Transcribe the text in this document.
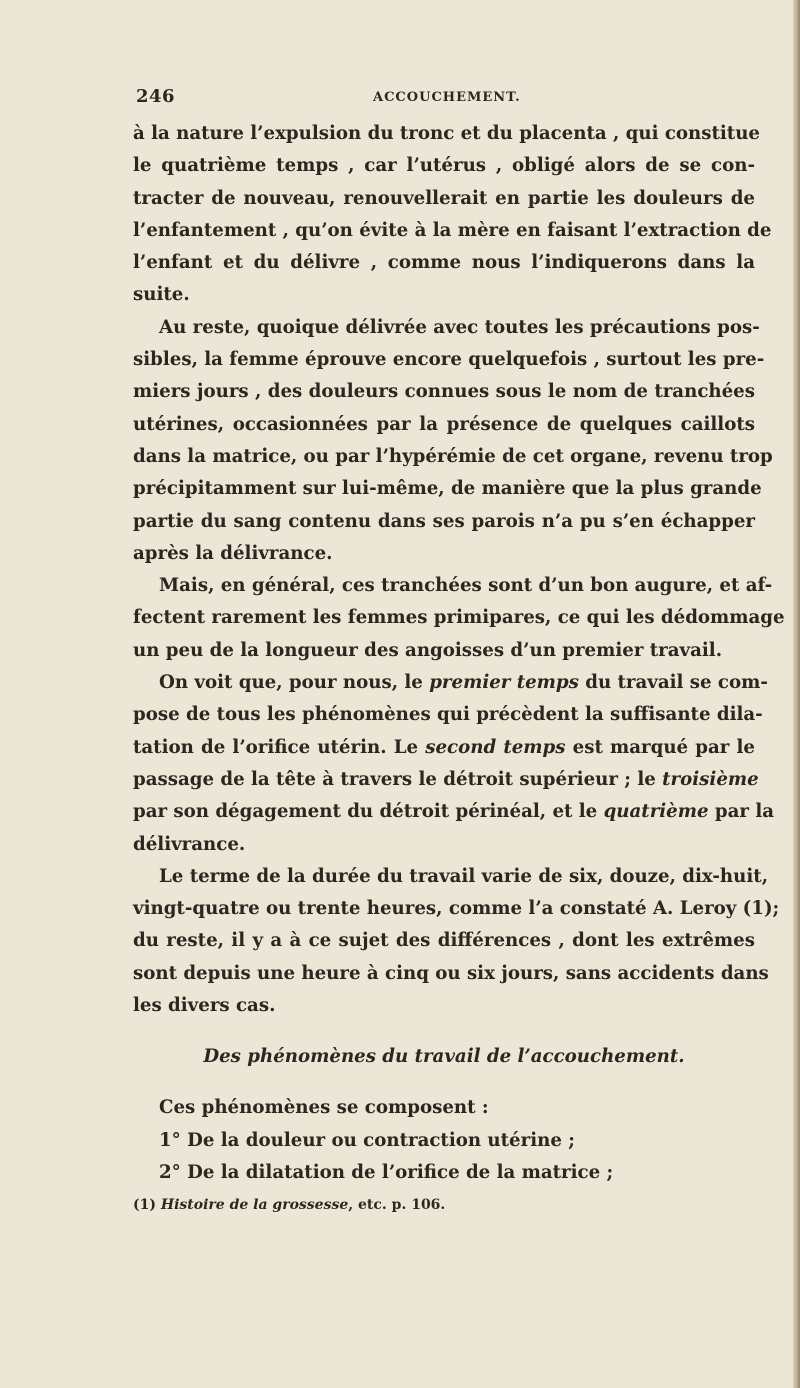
246	ACCOUCHEMENT.
à la nature l’expulsion du tronc et du placenta , qui constitue
le quatrième temps , car l’utérus , obligé alors de se con-
tracter de nouveau, renouvellerait en partie les douleurs de
l’enfantement , qu’on évite à la mère en faisant l’extraction de
l’enfant et du délivre , comme nous l’indiquerons dans la
suite.
Au reste, quoique délivrée avec toutes les précautions pos-
sibles, la femme éprouve encore quelquefois , surtout les pre-
miers jours , des douleurs connues sous le nom de tranchées
utérines, occasionnées par la présence de quelques caillots
dans la matrice, ou par l’hypérémie de cet organe, revenu trop
précipitamment sur lui-même, de manière que la plus grande
partie du sang contenu dans ses parois n’a pu s’en échapper
après la délivrance.
Mais, en général, ces tranchées sont d’un bon augure, et af-
fectent rarement les femmes primipares, ce qui les dédommage
un peu de la longueur des angoisses d’un premier travail.
On voit que, pour nous, le premier temps du travail se com-
pose de tous les phénomènes qui précèdent la suffisante dila-
tation de l’orifice utérin. Le second temps est marqué par le
passage de la tête à travers le détroit supérieur ; le troisième
par son dégagement du détroit périnéal, et le quatrième par la
délivrance.
Le terme de la durée du travail varie de six, douze, dix-huit,
vingt-quatre ou trente heures, comme l’a constaté A. Leroy (1);
du reste, il y a à ce sujet des différences , dont les extrêmes
sont depuis une heure à cinq ou six jours, sans accidents dans
les divers cas.
Des phénomènes du travail de l’accouchement.
Ces phénomènes se composent :
1° De la douleur ou contraction utérine ;
2° De la dilatation de l’orifice de la matrice ;
(1) Histoire de la grossesse, etc. p. 106.
